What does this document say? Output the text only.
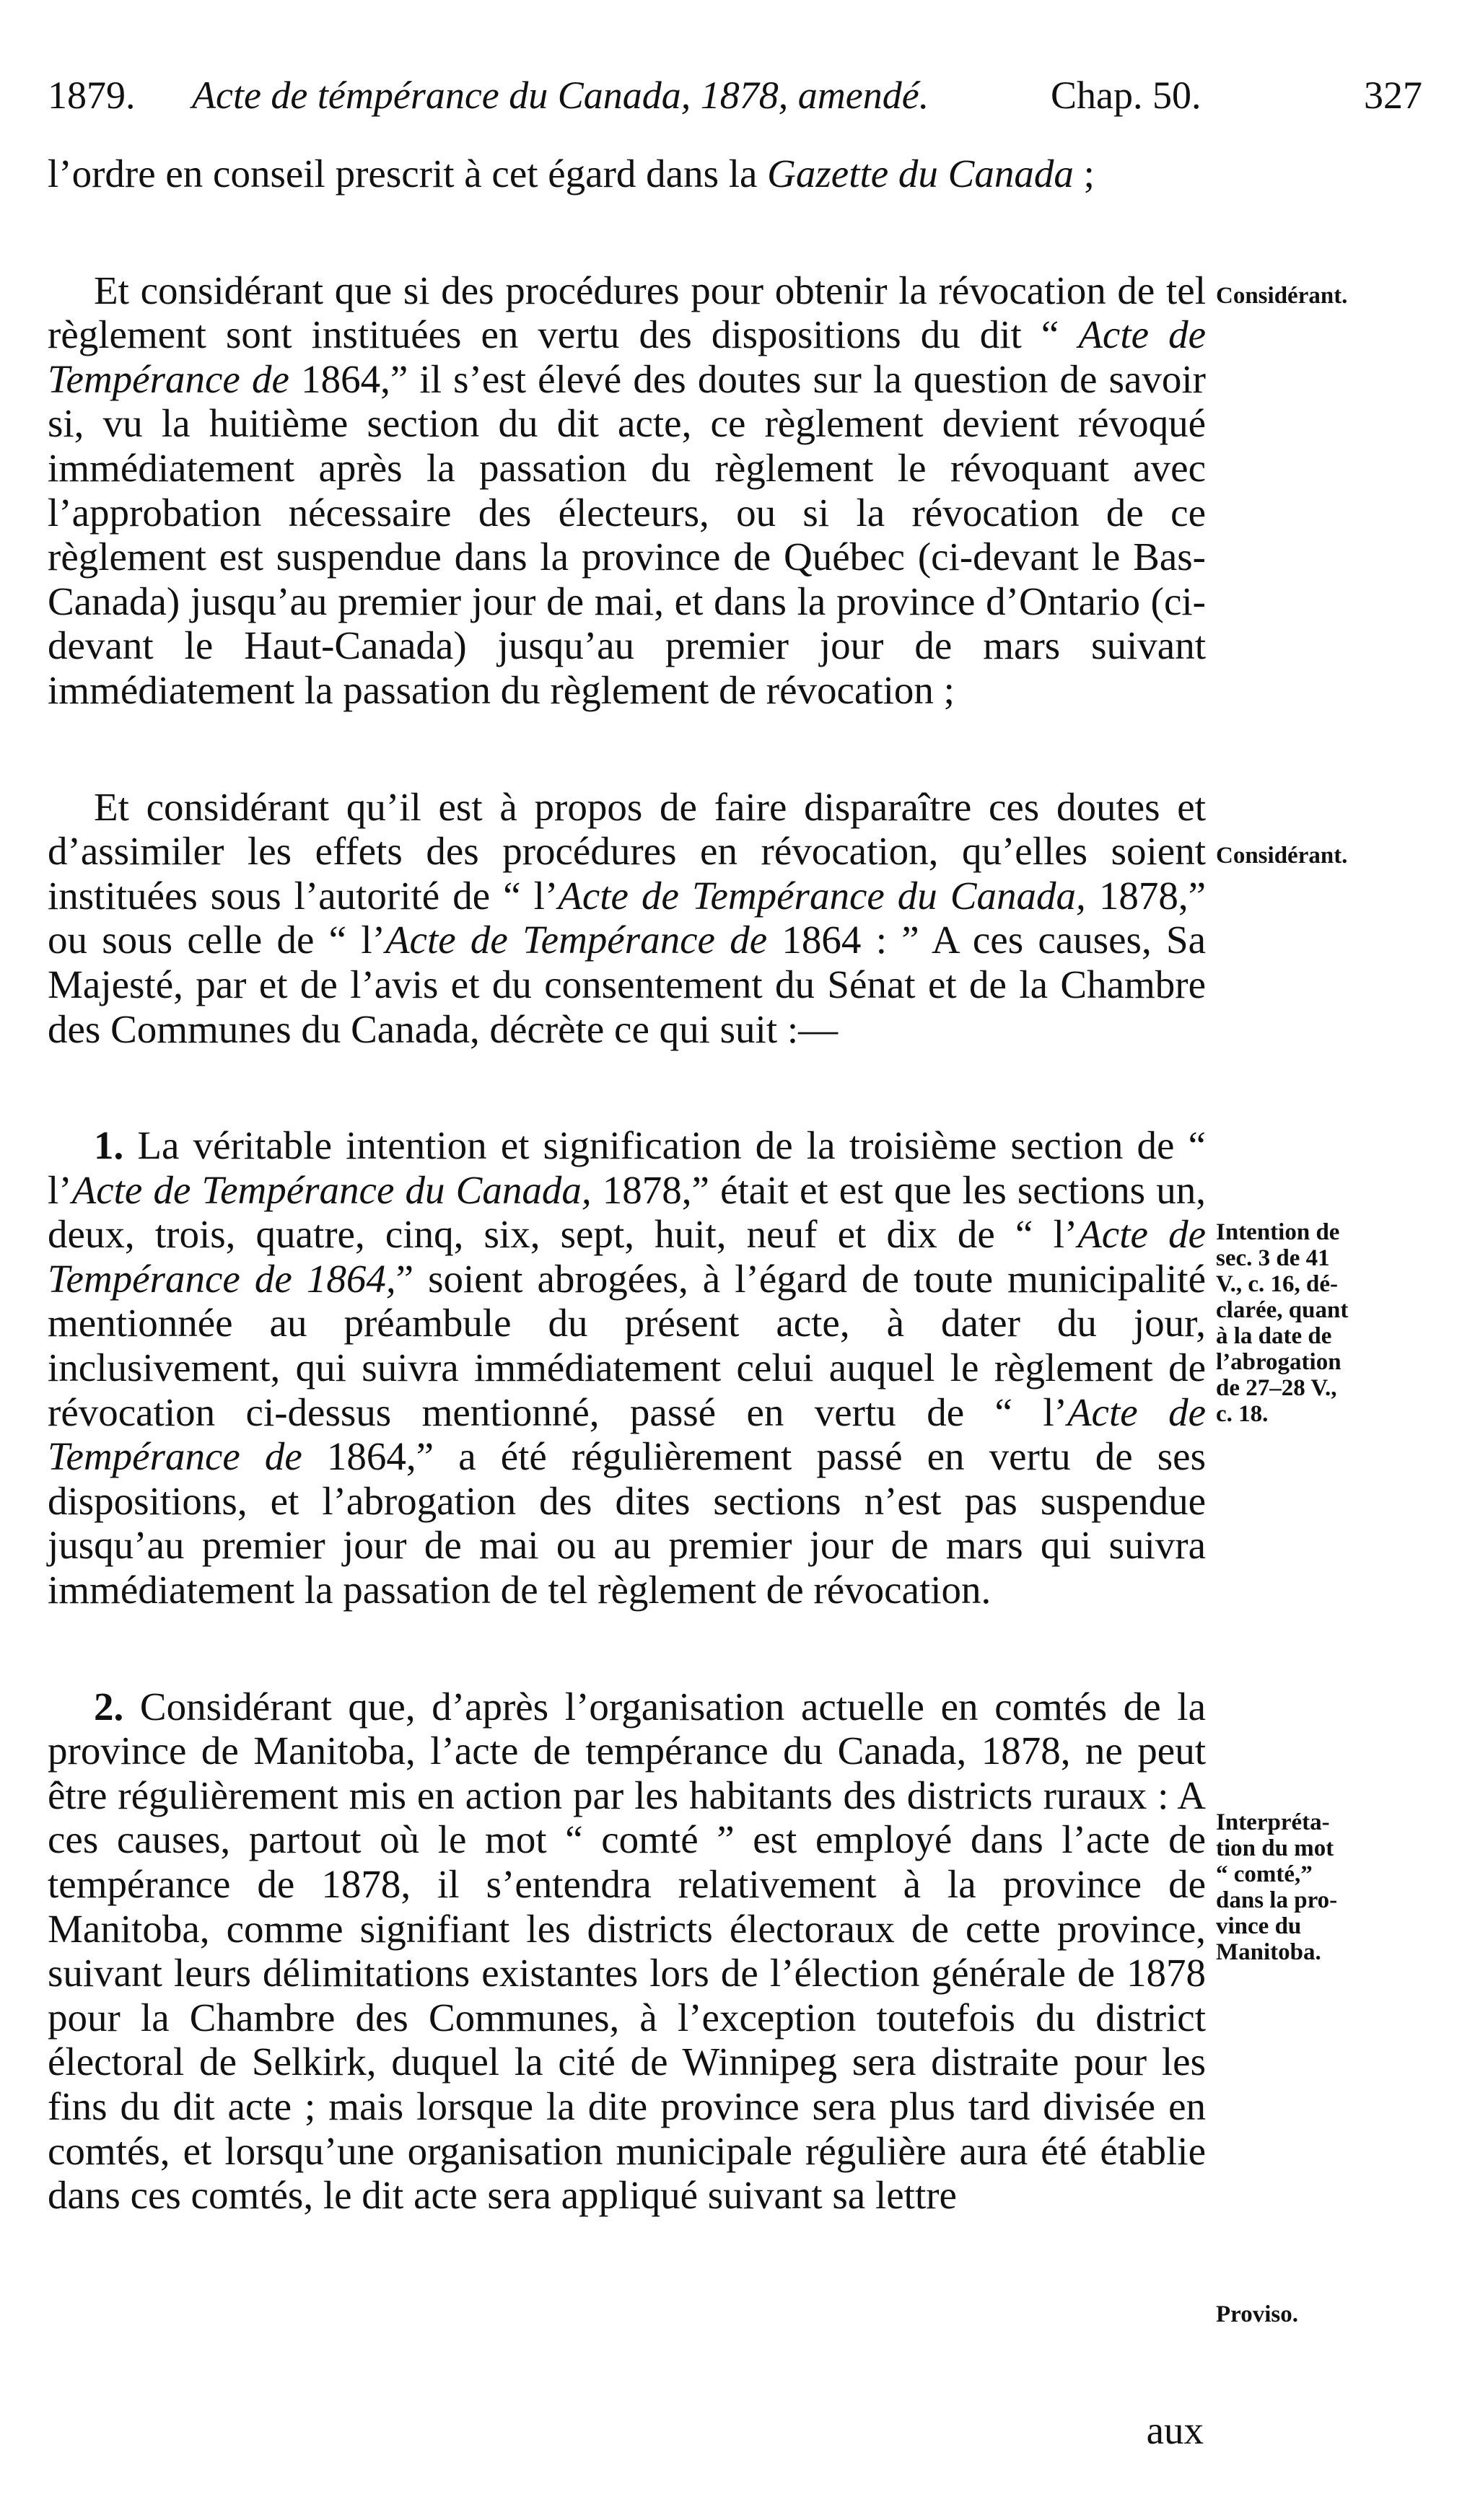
1879. Acte de témpérance du Canada, 1878, amendé.	Chap. 50.	327

l’ordre en conseil prescrit à cet égard dans la Gazette du Canada ;

Et considérant que si des procédures pour obtenir la révocation de tel règlement sont instituées en vertu des dispositions du dit “ Acte de Tempérance de 1864,” il s’est élevé des doutes sur la question de savoir si, vu la huitième section du dit acte, ce règlement devient révoqué immédiatement après la passation du règlement le révoquant avec l’approbation nécessaire des électeurs, ou si la révocation de ce règlement est suspendue dans la province de Québec (ci-devant le Bas-Canada) jusqu’au premier jour de mai, et dans la province d’Ontario (ci-devant le Haut-Canada) jusqu’au premier jour de mars suivant immédiatement la passation du règlement de révocation ;

Et considérant qu’il est à propos de faire disparaître ces doutes et d’assimiler les effets des procédures en révocation, qu’elles soient instituées sous l’autorité de “ l’Acte de Tempérance du Canada, 1878,” ou sous celle de “ l’Acte de Tempérance de 1864 : ” A ces causes, Sa Majesté, par et de l’avis et du consentement du Sénat et de la Chambre des Communes du Canada, décrète ce qui suit :—

1. La véritable intention et signification de la troisième section de “ l’Acte de Tempérance du Canada, 1878,” était et est que les sections un, deux, trois, quatre, cinq, six, sept, huit, neuf et dix de “ l’Acte de Tempérance de 1864,” soient abrogées, à l’égard de toute municipalité mentionnée au préambule du présent acte, à dater du jour, inclusivement, qui suivra immédiatement celui auquel le règlement de révocation ci-dessus mentionné, passé en vertu de “ l’Acte de Tempérance de 1864,” a été régulièrement passé en vertu de ses dispositions, et l’abrogation des dites sections n’est pas suspendue jusqu’au premier jour de mai ou au premier jour de mars qui suivra immédiatement la passation de tel règlement de révocation.

2. Considérant que, d’après l’organisation actuelle en comtés de la province de Manitoba, l’acte de tempérance du Canada, 1878, ne peut être régulièrement mis en action par les habitants des districts ruraux : A ces causes, partout où le mot “ comté ” est employé dans l’acte de tempérance de 1878, il s’entendra relativement à la province de Manitoba, comme signifiant les districts électoraux de cette province, suivant leurs délimitations existantes lors de l’élection générale de 1878 pour la Chambre des Communes, à l’exception toutefois du district électoral de Selkirk, duquel la cité de Winnipeg sera distraite pour les fins du dit acte ; mais lorsque la dite province sera plus tard divisée en comtés, et lorsqu’une organisation municipale régulière aura été établie dans ces comtés, le dit acte sera appliqué suivant sa lettre

Considérant.
Considérant.
Intention de
sec. 3 de 41
V., c. 16, dé-
clarée, quant
à la date de
l’abrogation
de 27–28 V.,
c. 18.
Interpréta-
tion du mot
“ comté,”
dans la pro-
vince du
Manitoba.
Proviso.
aux
